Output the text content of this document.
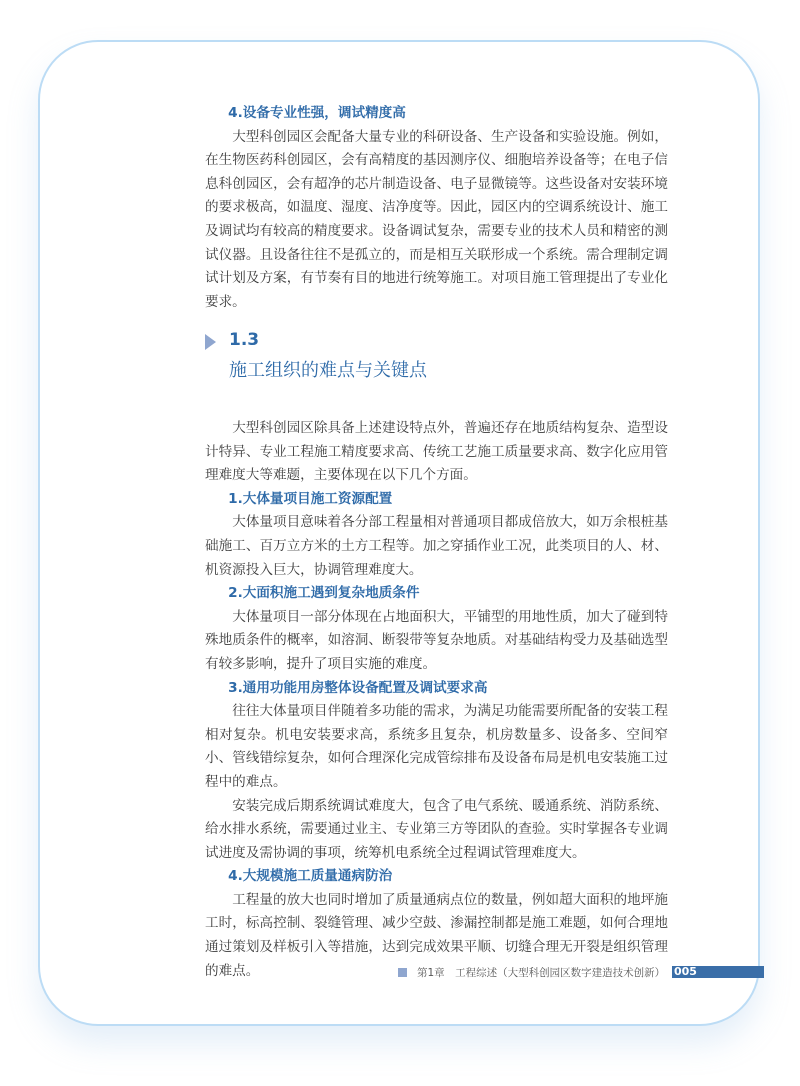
4.设备专业性强，调试精度高

大型科创园区会配备大量专业的科研设备、生产设备和实验设施。例如，在生物医药科创园区，会有高精度的基因测序仪、细胞培养设备等；在电子信息科创园区，会有超净的芯片制造设备、电子显微镜等。这些设备对安装环境的要求极高，如温度、湿度、洁净度等。因此，园区内的空调系统设计、施工及调试均有较高的精度要求。设备调试复杂，需要专业的技术人员和精密的测试仪器。且设备往往不是孤立的，而是相互关联形成一个系统。需合理制定调试计划及方案，有节奏有目的地进行统筹施工。对项目施工管理提出了专业化要求。

1.3
施工组织的难点与关键点

大型科创园区除具备上述建设特点外，普遍还存在地质结构复杂、造型设计特异、专业工程施工精度要求高、传统工艺施工质量要求高、数字化应用管理难度大等难题，主要体现在以下几个方面。

1.大体量项目施工资源配置

大体量项目意味着各分部工程量相对普通项目都成倍放大，如万余根桩基础施工、百万立方米的土方工程等。加之穿插作业工况，此类项目的人、材、机资源投入巨大，协调管理难度大。

2.大面积施工遇到复杂地质条件

大体量项目一部分体现在占地面积大，平铺型的用地性质，加大了碰到特殊地质条件的概率，如溶洞、断裂带等复杂地质。对基础结构受力及基础选型有较多影响，提升了项目实施的难度。

3.通用功能用房整体设备配置及调试要求高

往往大体量项目伴随着多功能的需求，为满足功能需要所配备的安装工程相对复杂。机电安装要求高，系统多且复杂，机房数量多、设备多、空间窄小、管线错综复杂，如何合理深化完成管综排布及设备布局是机电安装施工过程中的难点。

安装完成后期系统调试难度大，包含了电气系统、暖通系统、消防系统、给水排水系统，需要通过业主、专业第三方等团队的查验。实时掌握各专业调试进度及需协调的事项，统筹机电系统全过程调试管理难度大。

4.大规模施工质量通病防治

工程量的放大也同时增加了质量通病点位的数量，例如超大面积的地坪施工时，标高控制、裂缝管理、减少空鼓、渗漏控制都是施工难题，如何合理地通过策划及样板引入等措施，达到完成效果平顺、切缝合理无开裂是组织管理的难点。	第1章　工程综述（大型科创园区数字建造技术创新） 005
